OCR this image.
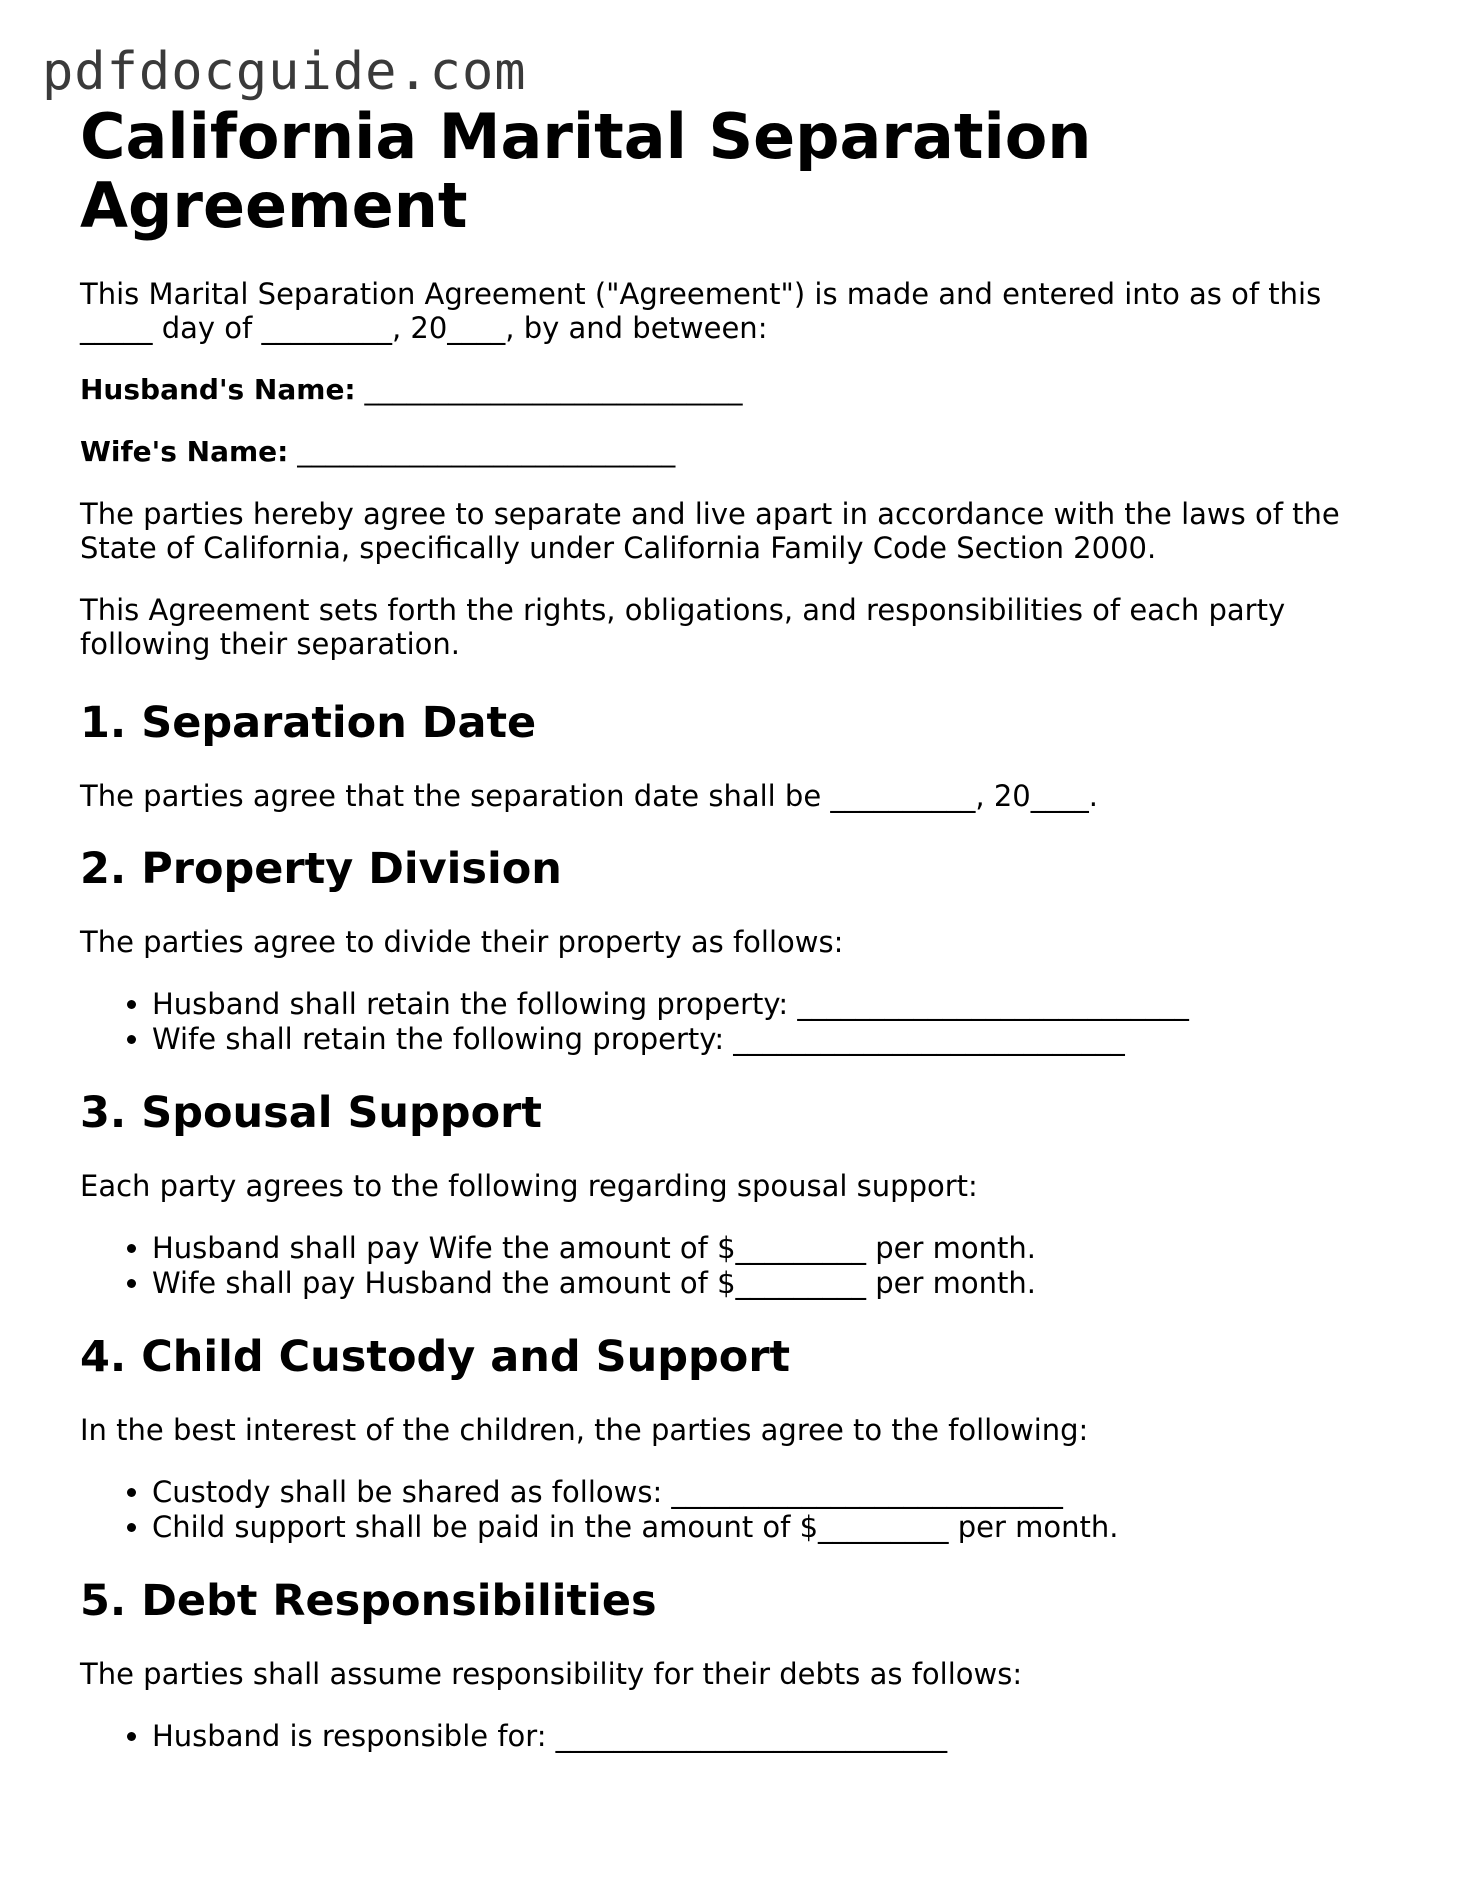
pdfdocguide.com
California Marital Separation Agreement

This Marital Separation Agreement ("Agreement") is made and entered into as of this _____ day of _________, 20____, by and between:

Husband's Name: ___________________________

Wife's Name: ___________________________

The parties hereby agree to separate and live apart in accordance with the laws of the State of California, specifically under California Family Code Section 2000.

This Agreement sets forth the rights, obligations, and responsibilities of each party following their separation.

1. Separation Date

The parties agree that the separation date shall be __________, 20____.

2. Property Division

The parties agree to divide their property as follows:

• Husband shall retain the following property: ___________________________
• Wife shall retain the following property: ___________________________
3. Spousal Support

Each party agrees to the following regarding spousal support:

• Husband shall pay Wife the amount of $_________ per month.
• Wife shall pay Husband the amount of $_________ per month.
4. Child Custody and Support

In the best interest of the children, the parties agree to the following:

• Custody shall be shared as follows: ___________________________
• Child support shall be paid in the amount of $_________ per month.
5. Debt Responsibilities

The parties shall assume responsibility for their debts as follows:

• Husband is responsible for: ___________________________
